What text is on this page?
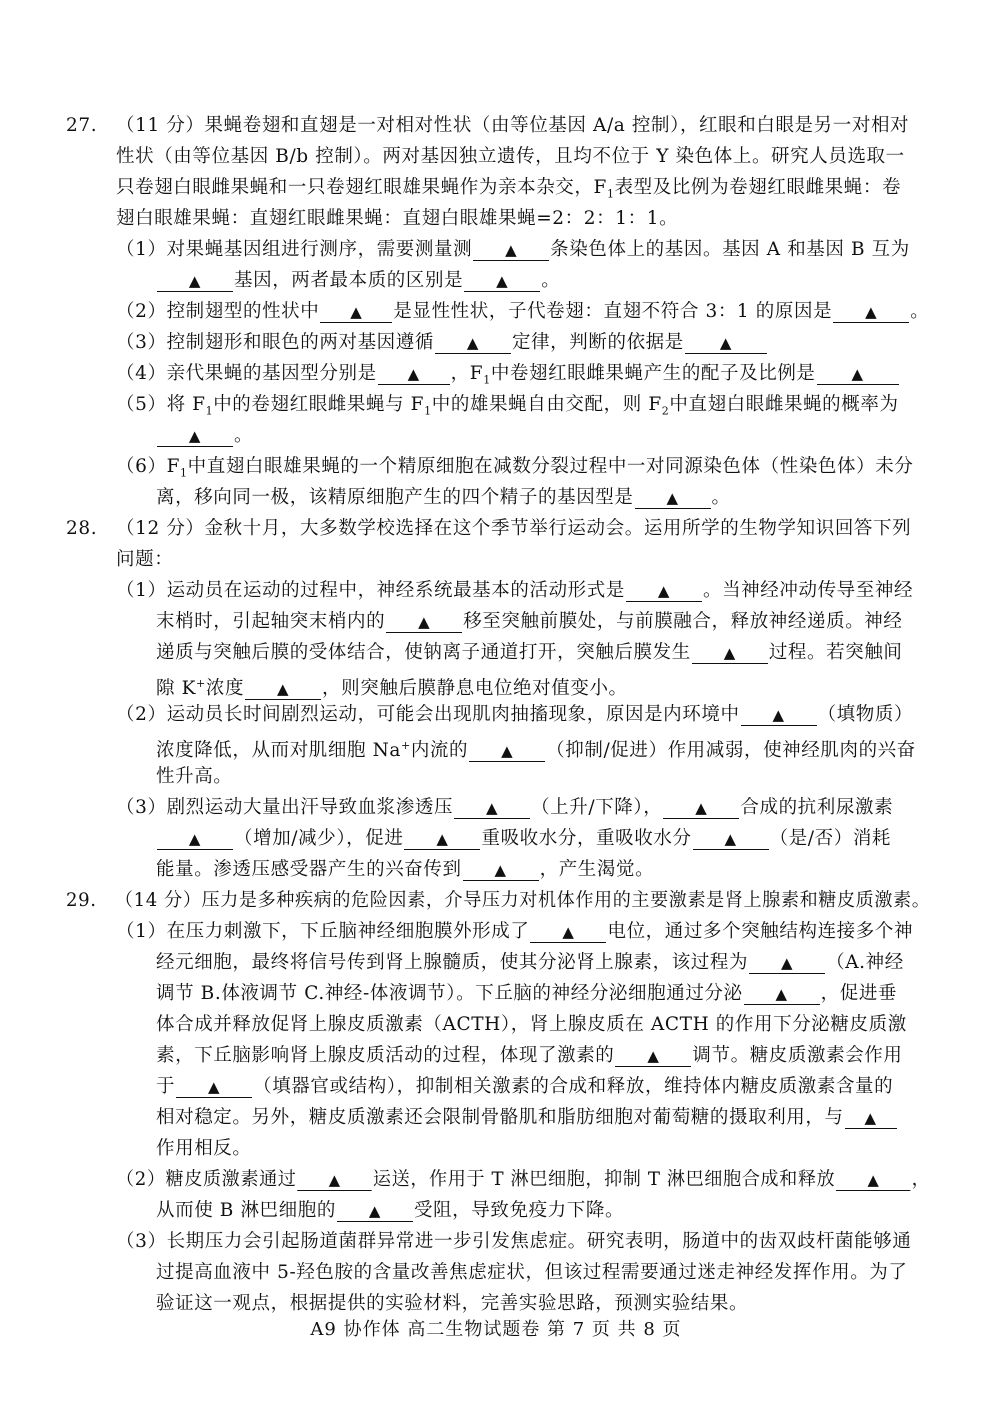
27. （11 分）果蝇卷翅和直翅是一对相对性状（由等位基因 A/a 控制），红眼和白眼是另一对相对
性状（由等位基因 B/b 控制）。两对基因独立遗传，且均不位于 Y 染色体上。研究人员选取一
只卷翅白眼雌果蝇和一只卷翅红眼雄果蝇作为亲本杂交，$F_1$表型及比例为卷翅红眼雌果蝇：卷
翅白眼雄果蝇：直翅红眼雌果蝇：直翅白眼雄果蝇=2：2：1：1。
（1）对果蝇基因组进行测序，需要测量测 ▲ 条染色体上的基因。基因 A 和基因 B 互为
▲ 基因，两者最本质的区别是 ▲ 。
（2）控制翅型的性状中 ▲ 是显性性状，子代卷翅：直翅不符合 3：1 的原因是 ▲ 。
（3）控制翅形和眼色的两对基因遵循 ▲ 定律，判断的依据是 ▲
（4）亲代果蝇的基因型分别是 ▲ ，$F_1$中卷翅红眼雌果蝇产生的配子及比例是 ▲
（5）将 $F_1$中的卷翅红眼雌果蝇与 $F_1$中的雄果蝇自由交配，则 $F_2$中直翅白眼雌果蝇的概率为
▲ 。
$(6)F_1$中直翅白眼雄果蝇的一个精原细胞在减数分裂过程中一对同源染色体（性染色体）未分
离，移向同一极，该精原细胞产生的四个精子的基因型是 ▲ 。
28. （12 分）金秋十月，大多数学校选择在这个季节举行运动会。运用所学的生物学知识回答下列
问题：
（1）运动员在运动的过程中，神经系统最基本的活动形式是 ▲ 。当神经冲动传导至神经
末梢时，引起轴突末梢内的 ▲ 移至突触前膜处，与前膜融合，释放神经递质。神经
递质与突触后膜的受体结合，使钠离子通道打开，突触后膜发生 ▲ 过程。若突触间
隙 K+浓度 ▲ ，则突触后膜静息电位绝对值变小。
（2）运动员长时间剧烈运动，可能会出现肌肉抽搐现象，原因是内环境中 ▲ （填物质）
浓度降低，从而对肌细胞 Na+内流的 ▲ （抑制/促进）作用减弱，使神经肌肉的兴奋
性升高。
（3）剧烈运动大量出汗导致血浆渗透压 ▲ （上升/下降）， ▲ 合成的抗利尿激素
▲ （增加/减少），促进 ▲ 重吸收水分，重吸收水分 ▲ （是/否）消耗
能量。渗透压感受器产生的兴奋传到 ▲ ，产生渴觉。
29. （14 分）压力是多种疾病的危险因素，介导压力对机体作用的主要激素是肾上腺素和糖皮质激素。
（1）在压力刺激下，下丘脑神经细胞膜外形成了 ▲ 电位，通过多个突触结构连接多个神
经元细胞，最终将信号传到肾上腺髓质，使其分泌肾上腺素，该过程为 ▲ （A.神经
调节 B.体液调节 C.神经-体液调节）。下丘脑的神经分泌细胞通过分泌 ▲ ，促进垂
体合成并释放促肾上腺皮质激素（ACTH），肾上腺皮质在 ACTH 的作用下分泌糖皮质激
素，下丘脑影响肾上腺皮质活动的过程，体现了激素的 ▲ 调节。糖皮质激素会作用
于 ▲ （填器官或结构），抑制相关激素的合成和释放，维持体内糖皮质激素含量的
相对稳定。另外，糖皮质激素还会限制骨骼肌和脂肪细胞对葡萄糖的摄取利用，与 ▲
作用相反。
（2）糖皮质激素通过 ▲ 运送，作用于 T 淋巴细胞，抑制 T 淋巴细胞合成和释放 ▲ ，
从而使 B 淋巴细胞的 ▲ 受阻，导致免疫力下降。
（3）长期压力会引起肠道菌群异常进一步引发焦虑症。研究表明，肠道中的齿双歧杆菌能够通
过提高血液中 5-羟色胺的含量改善焦虑症状，但该过程需要通过迷走神经发挥作用。为了
验证这一观点，根据提供的实验材料，完善实验思路，预测实验结果。
A9 协作体 高二生物试题卷 第 7 页 共 8 页
